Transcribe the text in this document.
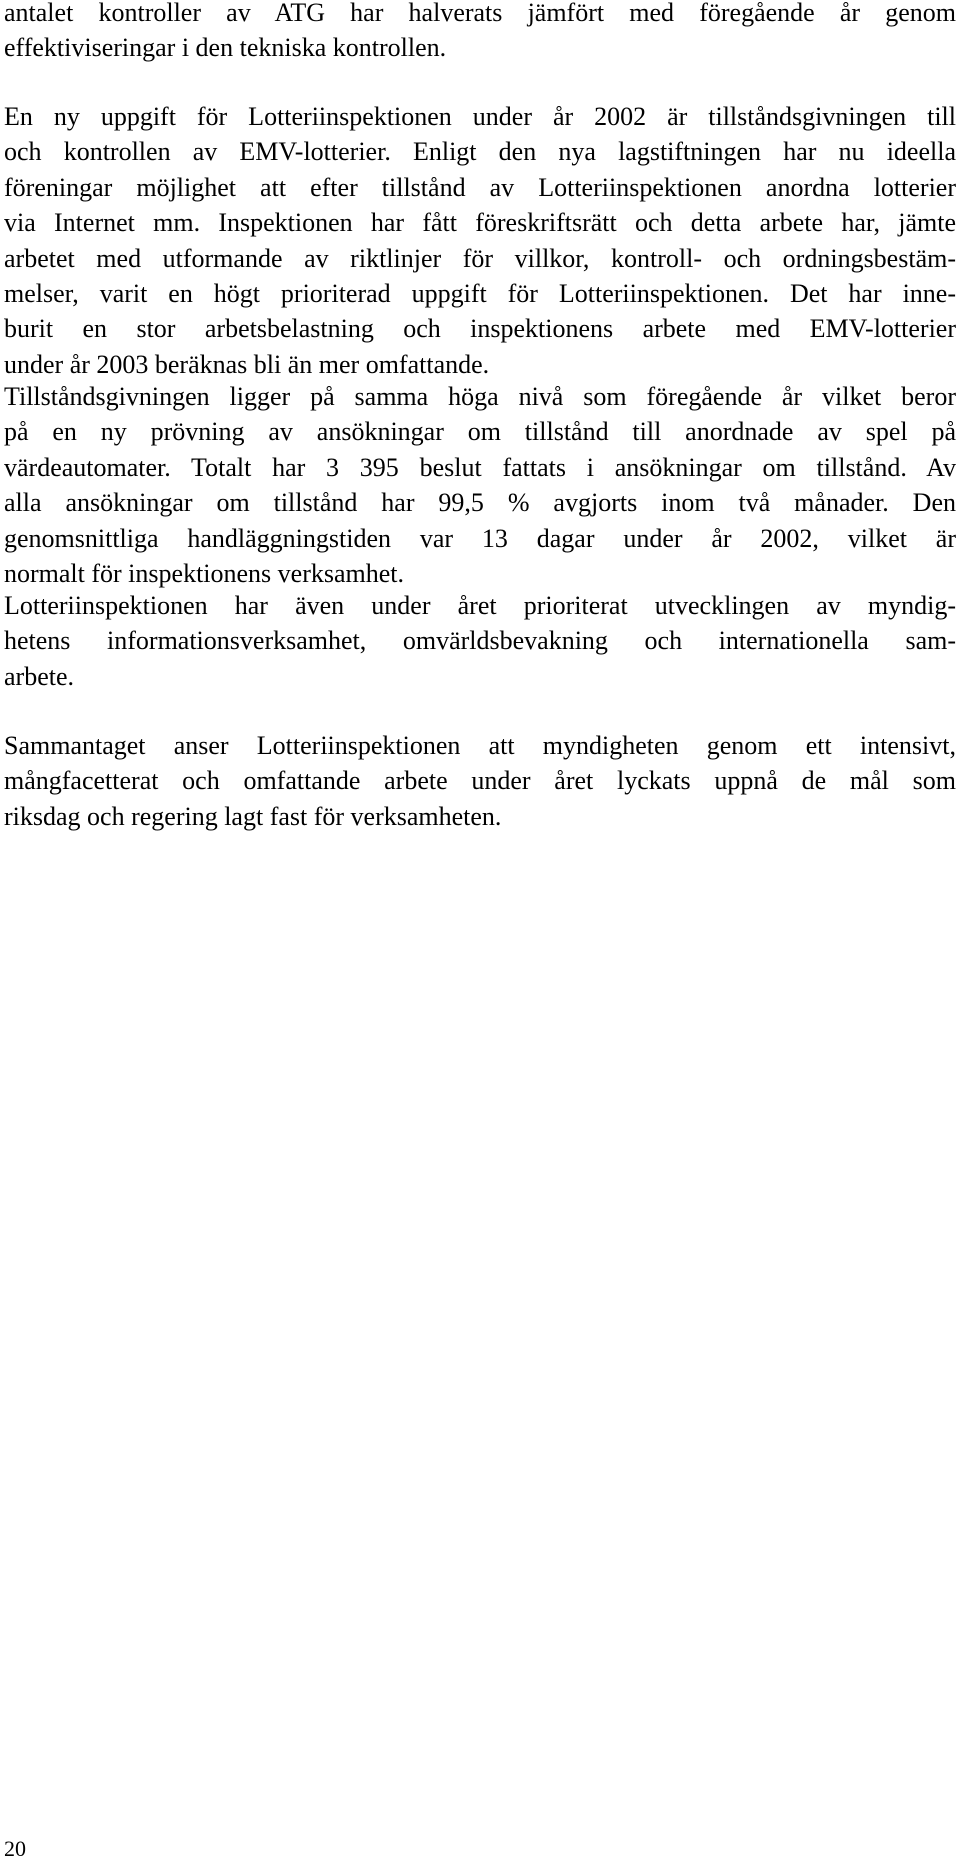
antalet kontroller av ATG har halverats jämfört med föregående år genom
effektiviseringar i den tekniska kontrollen.

En ny uppgift för Lotteriinspektionen under år 2002 är tillståndsgivningen till
och kontrollen av EMV-lotterier. Enligt den nya lagstiftningen har nu ideella
föreningar möjlighet att efter tillstånd av Lotteriinspektionen anordna lotterier
via Internet mm. Inspektionen har fått föreskriftsrätt och detta arbete har, jämte
arbetet med utformande av riktlinjer för villkor, kontroll- och ordningsbestäm-
melser, varit en högt prioriterad uppgift för Lotteriinspektionen. Det har inne-
burit en stor arbetsbelastning och inspektionens arbete med EMV-lotterier
under år 2003 beräknas bli än mer omfattande.

Tillståndsgivningen ligger på samma höga nivå som föregående år vilket beror
på en ny prövning av ansökningar om tillstånd till anordnade av spel på
värdeautomater. Totalt har 3 395 beslut fattats i ansökningar om tillstånd. Av
alla ansökningar om tillstånd har 99,5 % avgjorts inom två månader. Den
genomsnittliga handläggningstiden var 13 dagar under år 2002, vilket är
normalt för inspektionens verksamhet.

Lotteriinspektionen har även under året prioriterat utvecklingen av myndig-
hetens informationsverksamhet, omvärldsbevakning och internationella sam-
arbete.

Sammantaget anser Lotteriinspektionen att myndigheten genom ett intensivt,
mångfacetterat och omfattande arbete under året lyckats uppnå de mål som
riksdag och regering lagt fast för verksamheten.

20
